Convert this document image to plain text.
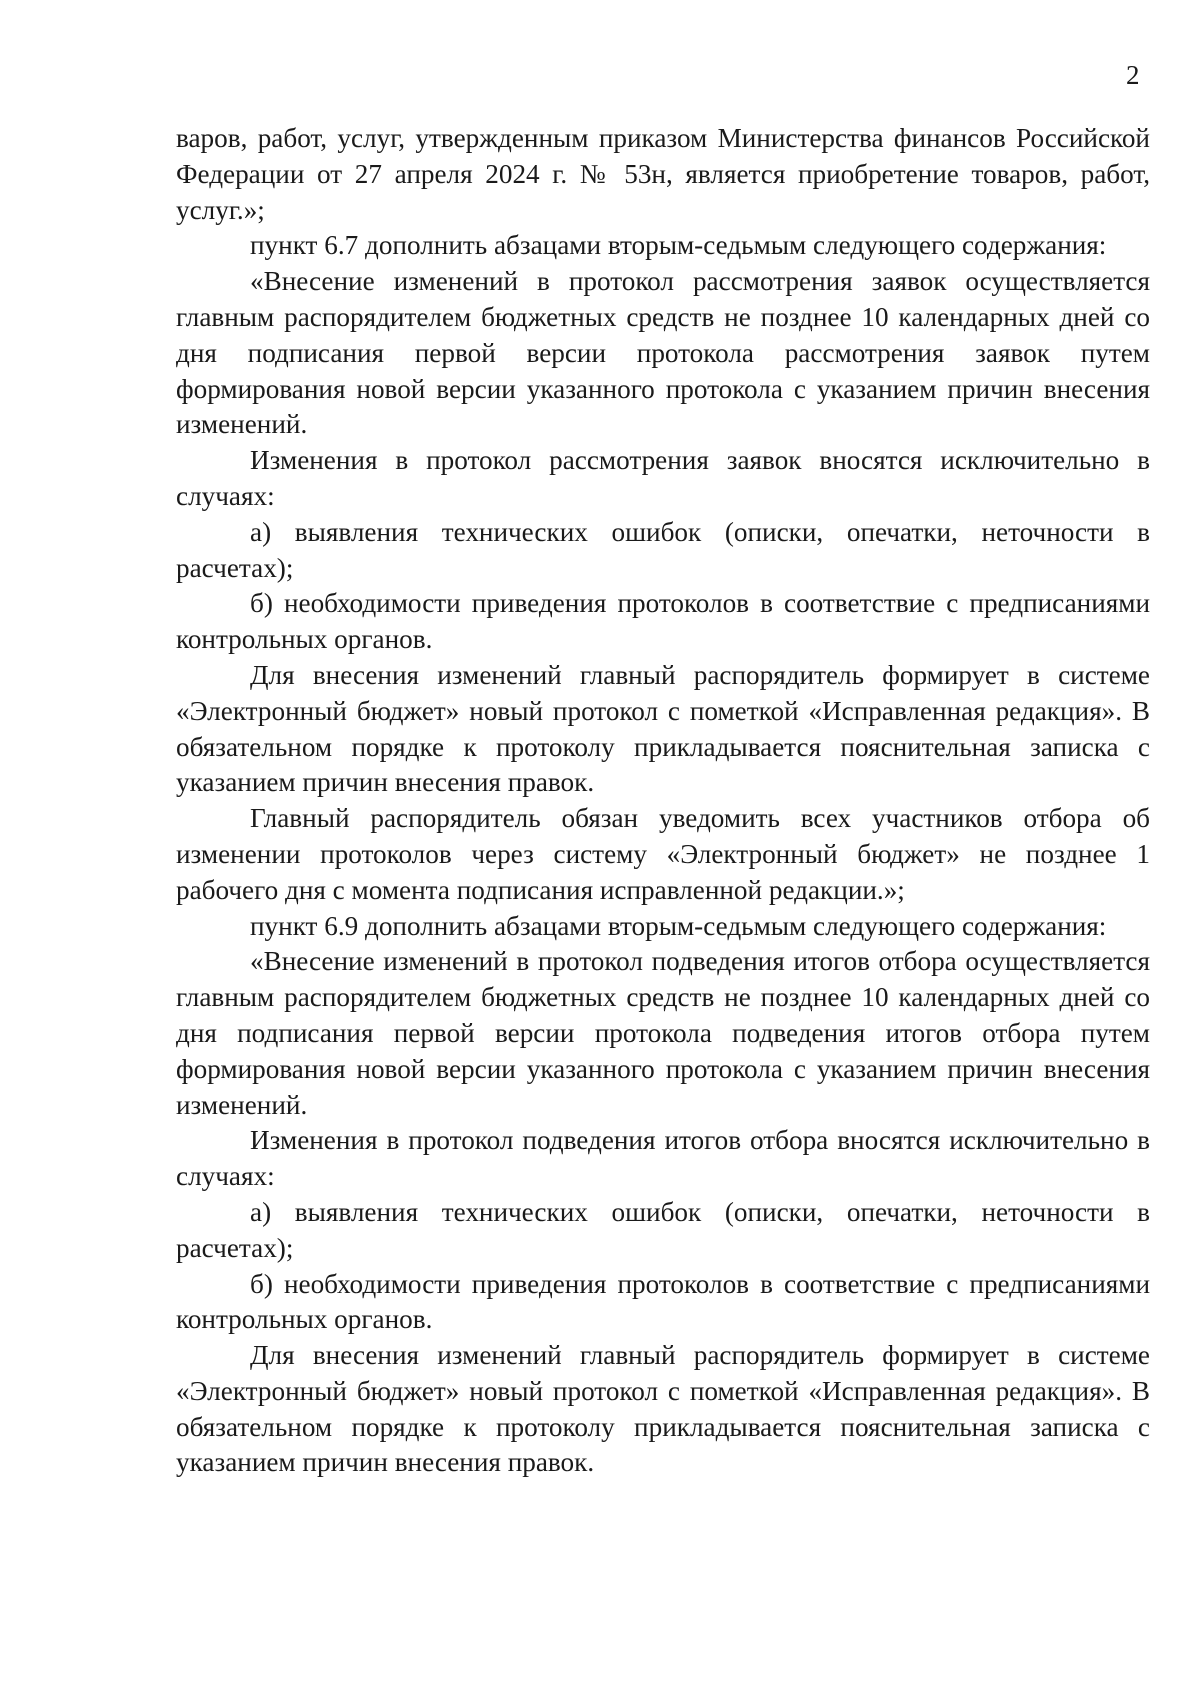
2

варов, работ, услуг, утвержденным приказом Министерства финансов Российской Федерации от 27 апреля 2024 г. № 53н, является приобретение товаров, работ, услуг.»;

пункт 6.7 дополнить абзацами вторым-седьмым следующего содержания:

«Внесение изменений в протокол рассмотрения заявок осуществляется главным распорядителем бюджетных средств не позднее 10 календарных дней со дня подписания первой версии протокола рассмотрения заявок путем формирования новой версии указанного протокола с указанием причин внесения изменений.

Изменения в протокол рассмотрения заявок вносятся исключительно в случаях:

а) выявления технических ошибок (описки, опечатки, неточности в расчетах);

б) необходимости приведения протоколов в соответствие с предписаниями контрольных органов.

Для внесения изменений главный распорядитель формирует в системе «Электронный бюджет» новый протокол с пометкой «Исправленная редакция». В обязательном порядке к протоколу прикладывается пояснительная записка с указанием причин внесения правок.

Главный распорядитель обязан уведомить всех участников отбора об изменении протоколов через систему «Электронный бюджет» не позднее 1 рабочего дня с момента подписания исправленной редакции.»;

пункт 6.9 дополнить абзацами вторым-седьмым следующего содержания:

«Внесение изменений в протокол подведения итогов отбора осуществляется главным распорядителем бюджетных средств не позднее 10 календарных дней со дня подписания первой версии протокола подведения итогов отбора путем формирования новой версии указанного протокола с указанием причин внесения изменений.

Изменения в протокол подведения итогов отбора вносятся исключительно в случаях:

а) выявления технических ошибок (описки, опечатки, неточности в расчетах);

б) необходимости приведения протоколов в соответствие с предписаниями контрольных органов.

Для внесения изменений главный распорядитель формирует в системе «Электронный бюджет» новый протокол с пометкой «Исправленная редакция». В обязательном порядке к протоколу прикладывается пояснительная записка с указанием причин внесения правок.
